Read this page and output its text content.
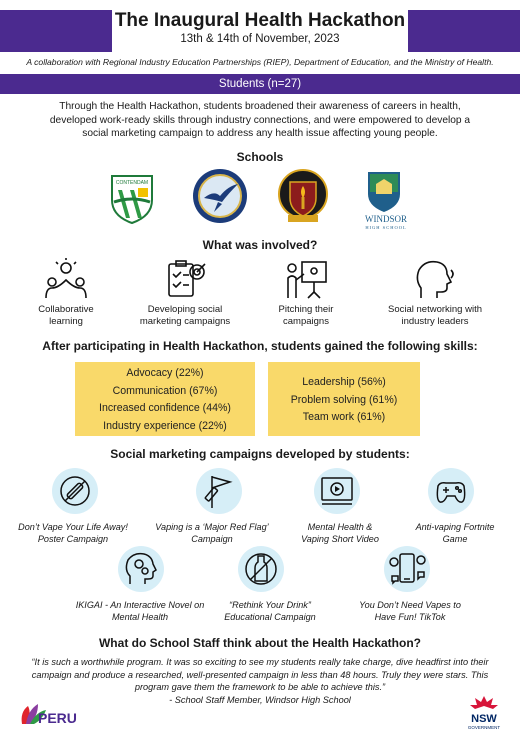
The Inaugural Health Hackathon
13th & 14th of November, 2023
A collaboration with Regional Industry Education Partnerships (RIEP), Department of Education, and the Ministry of Health.
Students (n=27)
Through the Health Hackathon, students broadened their awareness of careers in health, developed work-ready skills through industry connections, and were empowered to develop a social marketing campaign to address any health issue affecting young people.
Schools
CONTENDAM
WINDSOR
HIGH SCHOOL
What was involved?
Collaborative
learning
Developing social
marketing campaigns
Pitching their
campaigns
Social networking with
industry leaders
After participating in Health Hackathon, students gained the following skills:
Advocacy (22%)
Communication (67%)
Increased confidence (44%)
Industry experience (22%)
Leadership (56%)
Problem solving (61%)
Team work (61%)
Social marketing campaigns developed by students:
Don’t Vape Your Life Away!
Poster Campaign
Vaping is a ‘Major Red Flag’
Campaign
Mental Health &
Vaping Short Video
Anti-vaping Fortnite
Game
IKIGAI - An Interactive Novel on
Mental Health
“Rethink Your Drink”
Educational Campaign
You Don’t Need Vapes to
Have Fun! TikTok
What do School Staff think about the Health Hackathon?
“It is such a worthwhile program. It was so exciting to see my students really take charge, dive headfirst into their campaign and produce a researched, well-presented campaign in less than 48 hours. Truly they were stars. This program gave them the framework to be able to achieve this.”
- School Staff Member, Windsor High School
PERU	NSW
GOVERNMENT
